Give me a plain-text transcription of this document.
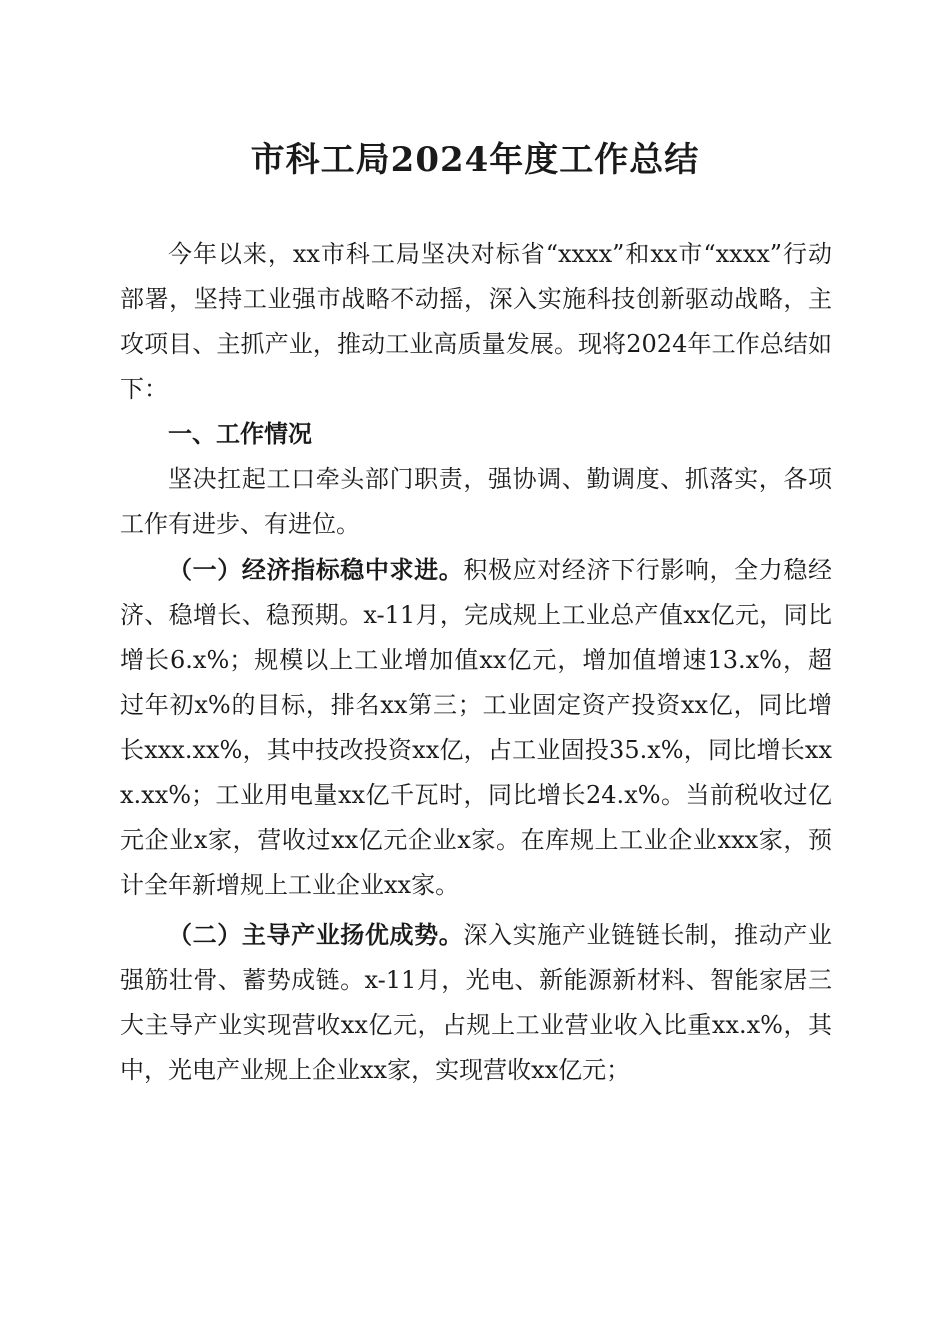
市科工局2024年度工作总结

今年以来，xx市科工局坚决对标省“xxxx”和xx市“xxxx”行动部署，坚持工业强市战略不动摇，深入实施科技创新驱动战略，主攻项目、主抓产业，推动工业高质量发展。现将2024年工作总结如下：

一、工作情况

坚决扛起工口牵头部门职责，强协调、勤调度、抓落实，各项工作有进步、有进位。

（一）经济指标稳中求进。积极应对经济下行影响，全力稳经济、稳增长、稳预期。x-11月，完成规上工业总产值xx亿元，同比增长6.x%；规模以上工业增加值xx亿元，增加值增速13.x%，超过年初x%的目标，排名xx第三；工业固定资产投资xx亿，同比增长xxx.xx%，其中技改投资xx亿，占工业固投35.x%，同比增长xxx.xx%；工业用电量xx亿千瓦时，同比增长24.x%。当前税收过亿元企业x家，营收过xx亿元企业x家。在库规上工业企业xxx家，预计全年新增规上工业企业xx家。

（二）主导产业扬优成势。深入实施产业链链长制，推动产业强筋壮骨、蓄势成链。x-11月，光电、新能源新材料、智能家居三大主导产业实现营收xx亿元，占规上工业营业收入比重xx.x%，其中，光电产业规上企业xx家，实现营收xx亿元；
